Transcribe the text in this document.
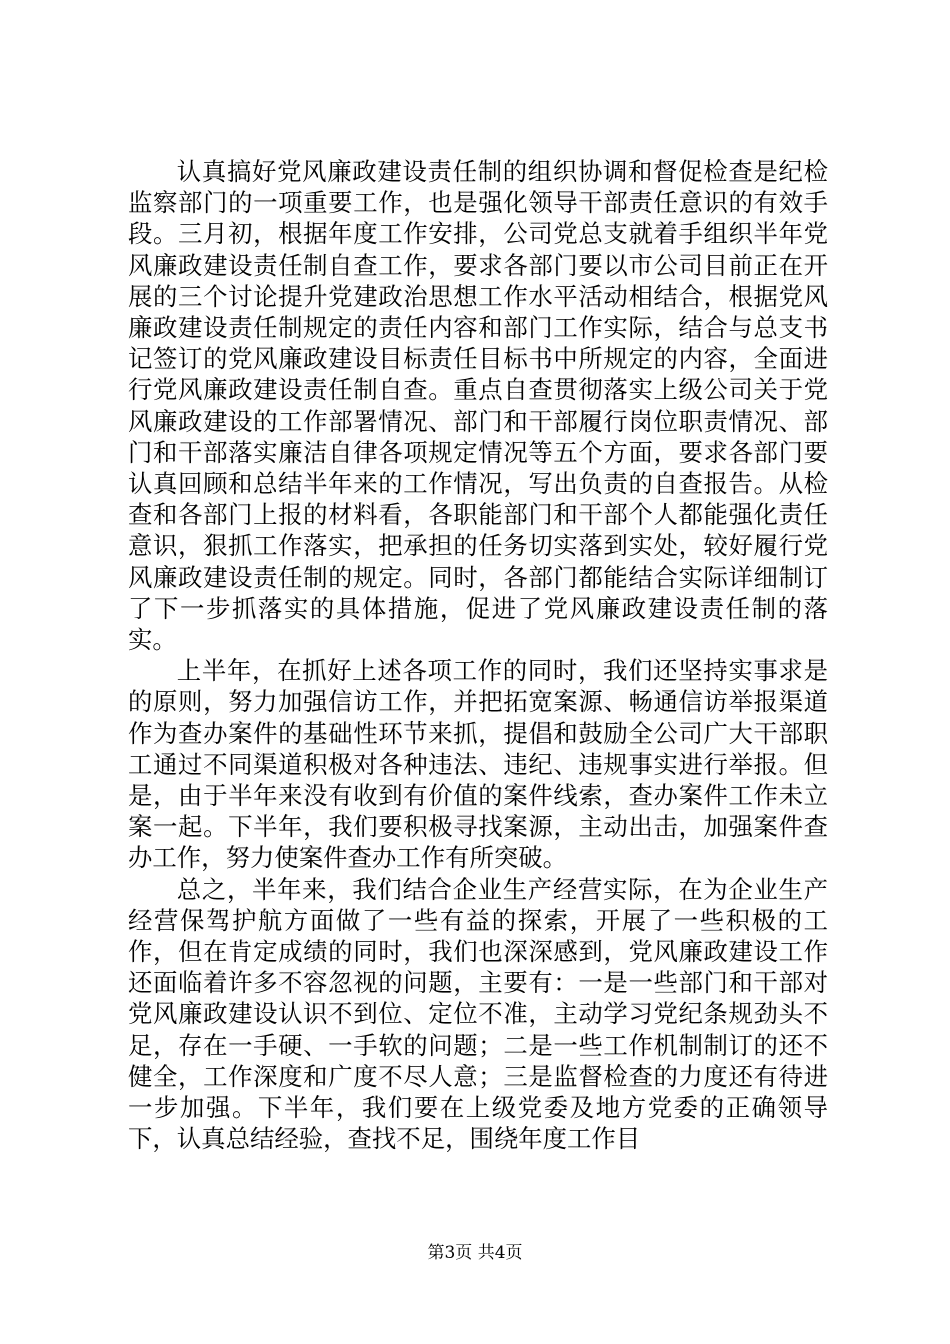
认真搞好党风廉政建设责任制的组织协调和督促检查是纪检监察部门的一项重要工作，也是强化领导干部责任意识的有效手段。三月初，根据年度工作安排，公司党总支就着手组织半年党风廉政建设责任制自查工作，要求各部门要以市公司目前正在开展的三个讨论提升党建政治思想工作水平活动相结合，根据党风廉政建设责任制规定的责任内容和部门工作实际，结合与总支书记签订的党风廉政建设目标责任目标书中所规定的内容，全面进行党风廉政建设责任制自查。重点自查贯彻落实上级公司关于党风廉政建设的工作部署情况、部门和干部履行岗位职责情况、部门和干部落实廉洁自律各项规定情况等五个方面，要求各部门要认真回顾和总结半年来的工作情况，写出负责的自查报告。从检查和各部门上报的材料看，各职能部门和干部个人都能强化责任意识，狠抓工作落实，把承担的任务切实落到实处，较好履行党风廉政建设责任制的规定。同时，各部门都能结合实际详细制订了下一步抓落实的具体措施，促进了党风廉政建设责任制的落实。

上半年，在抓好上述各项工作的同时，我们还坚持实事求是的原则，努力加强信访工作，并把拓宽案源、畅通信访举报渠道作为查办案件的基础性环节来抓，提倡和鼓励全公司广大干部职工通过不同渠道积极对各种违法、违纪、违规事实进行举报。但是，由于半年来没有收到有价值的案件线索，查办案件工作未立案一起。下半年，我们要积极寻找案源，主动出击，加强案件查办工作，努力使案件查办工作有所突破。

总之，半年来，我们结合企业生产经营实际，在为企业生产经营保驾护航方面做了一些有益的探索，开展了一些积极的工作，但在肯定成绩的同时，我们也深深感到，党风廉政建设工作还面临着许多不容忽视的问题，主要有：一是一些部门和干部对党风廉政建设认识不到位、定位不准，主动学习党纪条规劲头不足，存在一手硬、一手软的问题；二是一些工作机制制订的还不健全，工作深度和广度不尽人意；三是监督检查的力度还有待进一步加强。下半年，我们要在上级党委及地方党委的正确领导下，认真总结经验，查找不足，围绕年度工作目

第3页 共4页
